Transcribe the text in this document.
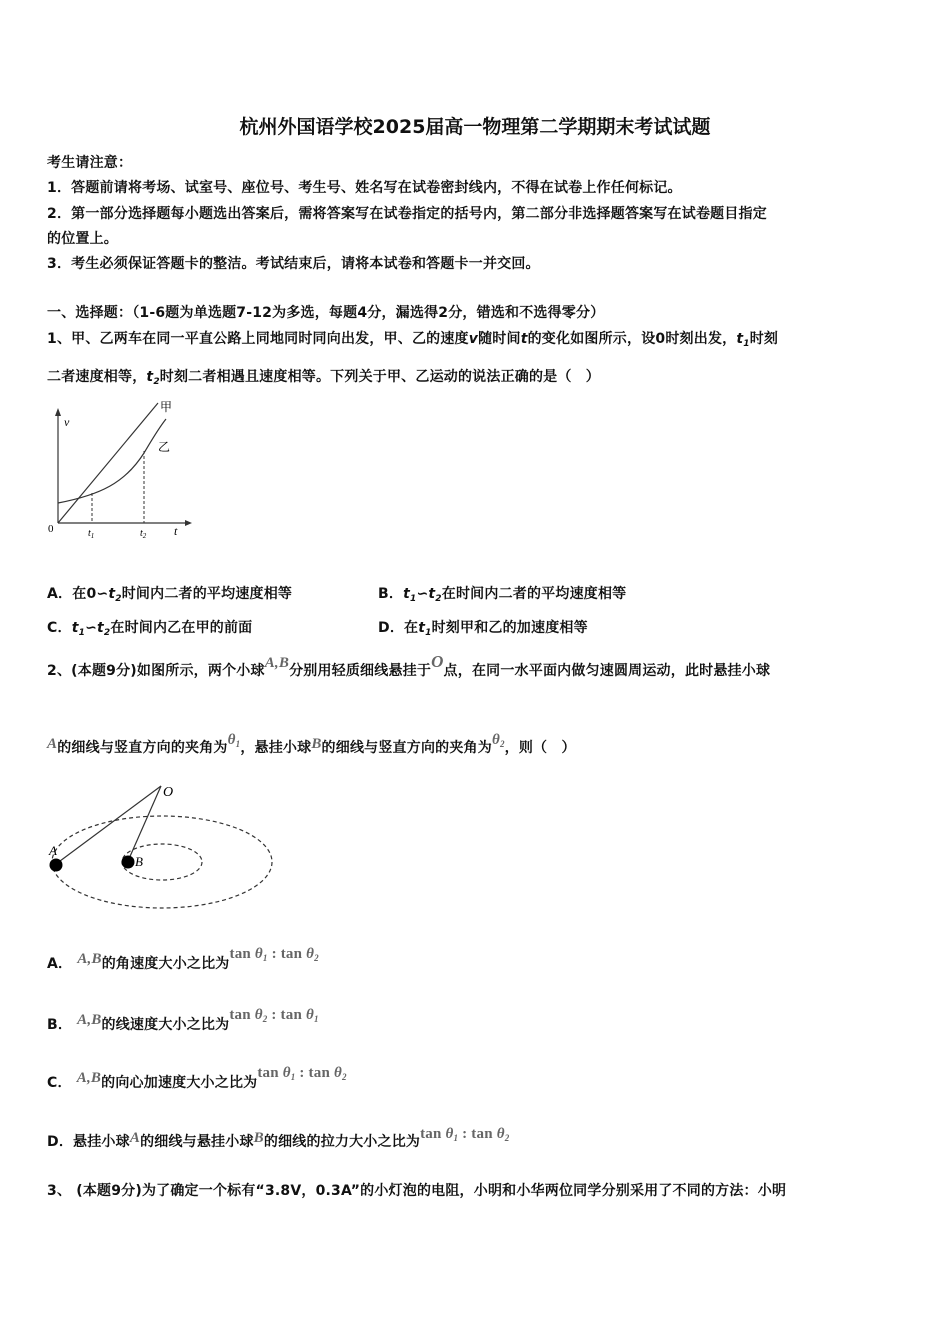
杭州外国语学校2025届高一物理第二学期期末考试试题
考生请注意：
1．答题前请将考场、试室号、座位号、考生号、姓名写在试卷密封线内，不得在试卷上作任何标记。
2．第一部分选择题每小题选出答案后，需将答案写在试卷指定的括号内，第二部分非选择题答案写在试卷题目指定
的位置上。
3．考生必须保证答题卡的整洁。考试结束后，请将本试卷和答题卡一并交回。
一、选择题：（1-6题为单选题7-12为多选，每题4分，漏选得2分，错选和不选得零分）
1、甲、乙两车在同一平直公路上同地同时同向出发，甲、乙的速度v随时间t的变化如图所示，设0时刻出发，$t_1$时刻
二者速度相等，$t_2$时刻二者相遇且速度相等。下列关于甲、乙运动的说法正确的是（　）
v
t
0	$t_1$	$t_2$
甲
乙
A．在$0∽t_2$时间内二者的平均速度相等	B．$t_1∽t_2$在时间内二者的平均速度相等
C．$t_1∽t_2$在时间内乙在甲的前面	D．在$t_1$时刻甲和乙的加速度相等
2、(本题9分)如图所示，两个小球A,B分别用轻质细线悬挂于O点，在同一水平面内做匀速圆周运动，此时悬挂小球
A的细线与竖直方向的夹角为$\theta_1$，悬挂小球B的细线与竖直方向的夹角为$\theta_2$，则（　）
O
A
B
A． A,B的角速度大小之比为$\tan \theta_1$ : $\tan \theta_2$
B． A,B的线速度大小之比为$\tan \theta_2$ : $\tan \theta_1$
C． A,B的向心加速度大小之比为$\tan \theta_1$ : $\tan \theta_2$
D．悬挂小球A的细线与悬挂小球B的细线的拉力大小之比为$\tan \theta_1$ : $\tan \theta_2$
3、 (本题9分)为了确定一个标有“3.8V，0.3A”的小灯泡的电阻，小明和小华两位同学分别采用了不同的方法：小明
